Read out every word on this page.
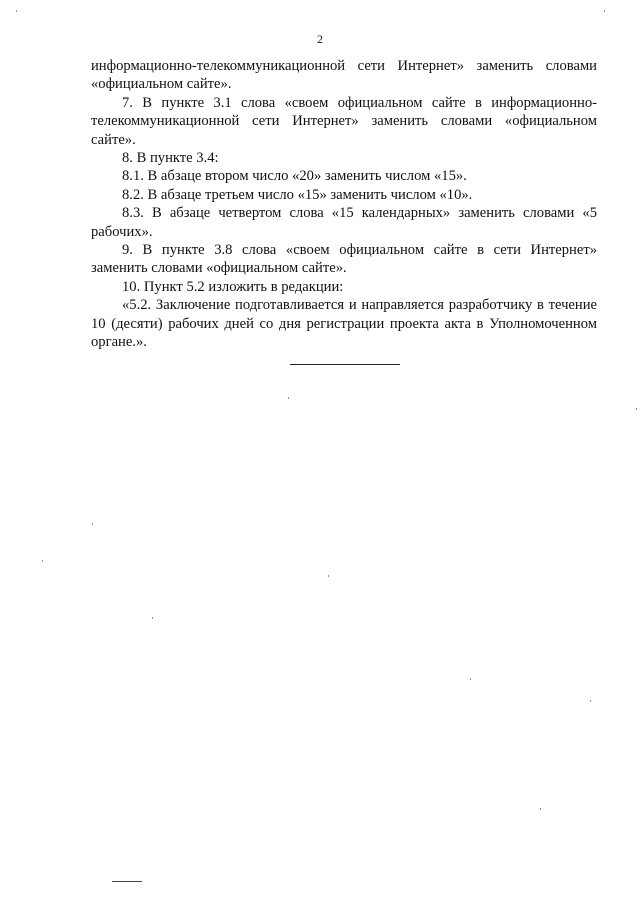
2

информационно-телекоммуникационной сети Интернет» заменить словами «официальном сайте».

7. В пункте 3.1 слова «своем официальном сайте в информационно-телекоммуникационной сети Интернет» заменить словами «официальном сайте».

8. В пункте 3.4:

8.1. В абзаце втором число «20» заменить числом «15».

8.2. В абзаце третьем число «15» заменить числом «10».

8.3. В абзаце четвертом слова «15 календарных» заменить словами «5 рабочих».

9. В пункте 3.8 слова «своем официальном сайте в сети Интернет» заменить словами «официальном сайте».

10. Пункт 5.2 изложить в редакции:

«5.2. Заключение подготавливается и направляется разработчику в течение 10 (десяти) рабочих дней со дня регистрации проекта акта в Уполномоченном органе.».
